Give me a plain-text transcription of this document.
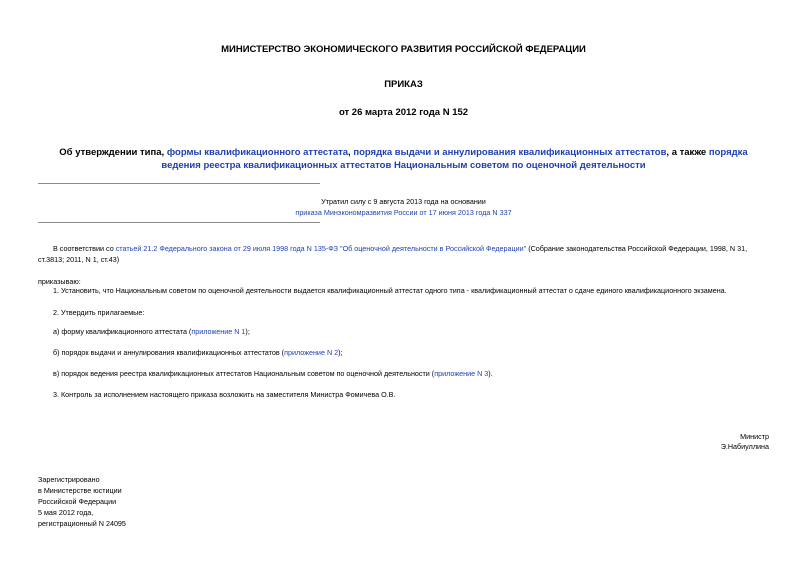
МИНИСТЕРСТВО ЭКОНОМИЧЕСКОГО РАЗВИТИЯ РОССИЙСКОЙ ФЕДЕРАЦИИ
ПРИКАЗ
от 26 марта 2012 года N 152
Об утверждении типа, формы квалификационного аттестата, порядка выдачи и аннулирования квалификационных аттестатов, а также порядка ведения реестра квалификационных аттестатов Национальным советом по оценочной деятельности
Утратил силу с 9 августа 2013 года на основании
приказа Минэкономразвития России от 17 июня 2013 года N 337
В соответствии со статьей 21.2 Федерального закона от 29 июля 1998 года N 135-ФЗ "Об оценочной деятельности в Российской Федерации" (Собрание законодательства Российской Федерации, 1998, N 31,
ст.3813; 2011, N 1, ст.43)
приказываю:
1. Установить, что Национальным советом по оценочной деятельности выдается квалификационный аттестат одного типа - квалификационный аттестат о сдаче единого квалификационного экзамена.
2. Утвердить прилагаемые:
а) форму квалификационного аттестата (приложение N 1);
б) порядок выдачи и аннулирования квалификационных аттестатов (приложение N 2);
в) порядок ведения реестра квалификационных аттестатов Национальным советом по оценочной деятельности (приложение N 3).
3. Контроль за исполнением настоящего приказа возложить на заместителя Министра Фомичева О.В.
Министр
Э.Набиуллина
Зарегистрировано
в Министерстве юстиции
Российской Федерации
5 мая 2012 года,
регистрационный N 24095
